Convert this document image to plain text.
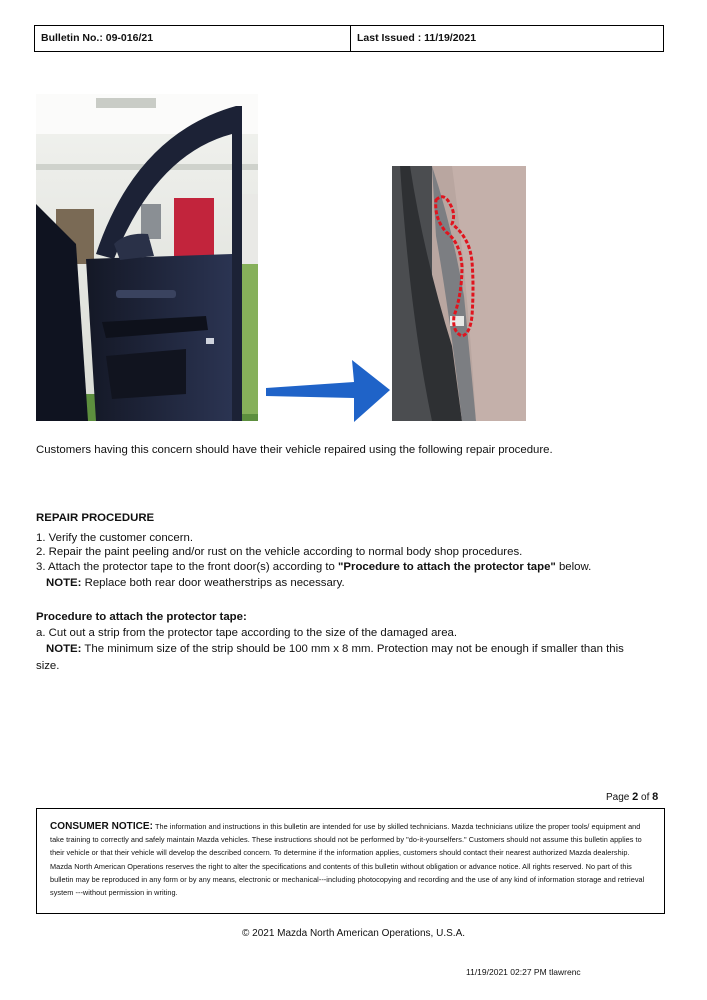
Bulletin No.: 09-016/21	Last Issued : 11/19/2021
Customers having this concern should have their vehicle repaired using the following repair procedure.
REPAIR PROCEDURE
1. Verify the customer concern.
2. Repair the paint peeling and/or rust on the vehicle according to normal body shop procedures.
3. Attach the protector tape to the front door(s) according to "Procedure to attach the protector tape" below.
NOTE: Replace both rear door weatherstrips as necessary.
Procedure to attach the protector tape:
a. Cut out a strip from the protector tape according to the size of the damaged area.
NOTE: The minimum size of the strip should be 100 mm x 8 mm. Protection may not be enough if smaller than this
size.
Page 2 of 8
CONSUMER NOTICE: The information and instructions in this bulletin are intended for use by skilled technicians. Mazda technicians utilize the proper tools/ equipment and take training to correctly and safely maintain Mazda vehicles. These instructions should not be performed by "do-it-yourselfers." Customers should not assume this bulletin applies to their vehicle or that their vehicle will develop the described concern. To determine if the information applies, customers should contact their nearest authorized Mazda dealership. Mazda North American Operations reserves the right to alter the specifications and contents of this bulletin without obligation or advance notice. All rights reserved. No part of this bulletin may be reproduced in any form or by any means, electronic or mechanical---including photocopying and recording and the use of any kind of information storage and retrieval system ---without permission in writing.
© 2021 Mazda North American Operations, U.S.A.
11/19/2021 02:27 PM tlawrenc
